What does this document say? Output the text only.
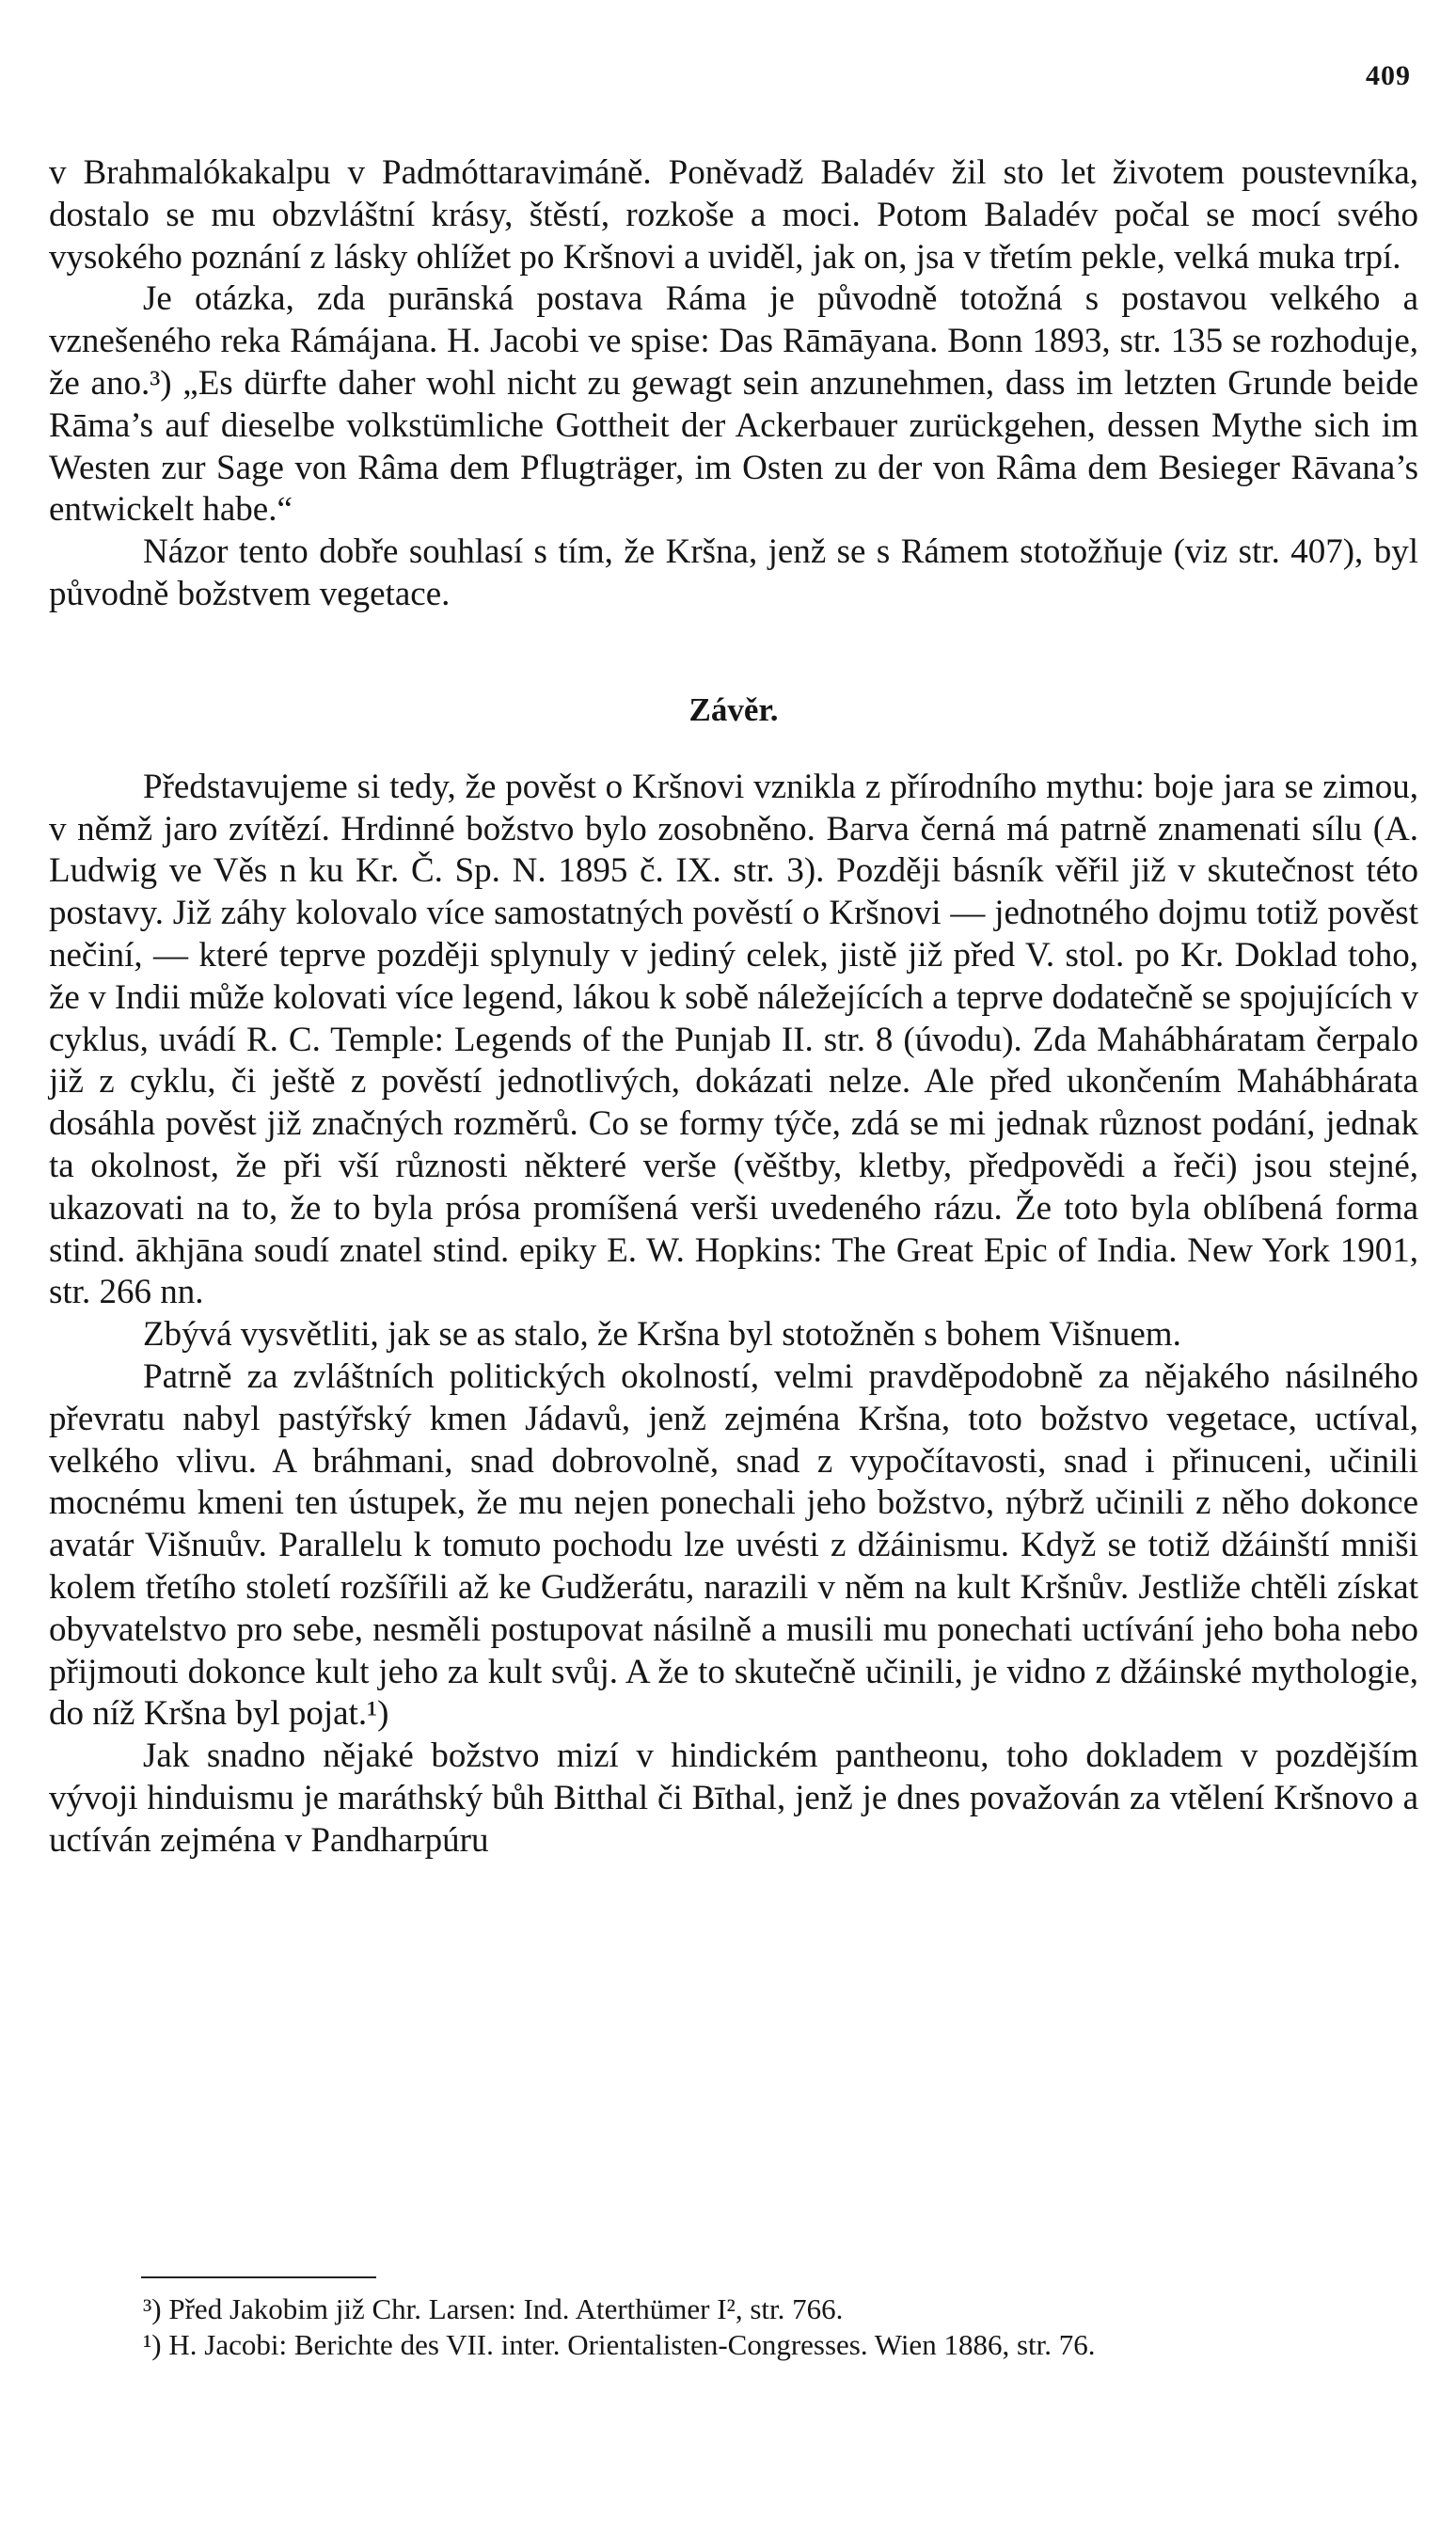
409

v Brahmalókakalpu v Padmóttaravimáně. Poněvadž Baladév žil sto let životem poustevníka, dostalo se mu obzvláštní krásy, štěstí, rozkoše a moci. Potom Baladév počal se mocí svého vysokého poznání z lásky ohlížet po Kršnovi a uviděl, jak on, jsa v třetím pekle, velká muka trpí.

Je otázka, zda purānská postava Ráma je původně totožná s postavou velkého a vznešeného reka Rámájana. H. Jacobi ve spise: Das Rāmāyana. Bonn 1893, str. 135 se rozhoduje, že ano.³) „Es dürfte daher wohl nicht zu gewagt sein anzunehmen, dass im letzten Grunde beide Rāma’s auf dieselbe volkstümliche Gottheit der Ackerbauer zurückgehen, dessen Mythe sich im Westen zur Sage von Râma dem Pflugträger, im Osten zu der von Râma dem Besieger Rāvana’s entwickelt habe.“

Názor tento dobře souhlasí s tím, že Kršna, jenž se s Rámem stotožňuje (viz str. 407), byl původně božstvem vegetace.

Závěr.

Představujeme si tedy, že pověst o Kršnovi vznikla z přírodního mythu: boje jara se zimou, v němž jaro zvítězí. Hrdinné božstvo bylo zosobněno. Barva černá má patrně znamenati sílu (A. Ludwig ve Věs n ku Kr. Č. Sp. N. 1895 č. IX. str. 3). Později básník věřil již v skutečnost této postavy. Již záhy kolovalo více samostatných pověstí o Kršnovi — jednotného dojmu totiž pověst nečiní, — které teprve později splynuly v jediný celek, jistě již před V. stol. po Kr. Doklad toho, že v Indii může kolovati více legend, lákou k sobě náležejících a teprve dodatečně se spojujících v cyklus, uvádí R. C. Temple: Legends of the Punjab II. str. 8 (úvodu). Zda Mahábháratam čerpalo již z cyklu, či ještě z pověstí jednotlivých, dokázati nelze. Ale před ukončením Mahábhárata dosáhla pověst již značných rozměrů. Co se formy týče, zdá se mi jednak různost podání, jednak ta okolnost, že při vší různosti některé verše (věštby, kletby, předpovědi a řeči) jsou stejné, ukazovati na to, že to byla prósa promíšená verši uvedeného rázu. Že toto byla oblíbená forma stind. ākhjāna soudí znatel stind. epiky E. W. Hopkins: The Great Epic of India. New York 1901, str. 266 nn.

Zbývá vysvětliti, jak se as stalo, že Kršna byl stotožněn s bohem Višnuem.

Patrně za zvláštních politických okolností, velmi pravděpodobně za nějakého násilného převratu nabyl pastýřský kmen Jádavů, jenž zejména Kršna, toto božstvo vegetace, uctíval, velkého vlivu. A bráhmani, snad dobrovolně, snad z vypočítavosti, snad i přinuceni, učinili mocnému kmeni ten ústupek, že mu nejen ponechali jeho božstvo, nýbrž učinili z něho dokonce avatár Višnuův. Parallelu k tomuto pochodu lze uvésti z džáinismu. Když se totiž džáinští mniši kolem třetího století rozšířili až ke Gudžerátu, narazili v něm na kult Kršnův. Jestliže chtěli získat obyvatelstvo pro sebe, nesměli postupovat násilně a musili mu ponechati uctívání jeho boha nebo přijmouti dokonce kult jeho za kult svůj. A že to skutečně učinili, je vidno z džáinské mythologie, do níž Kršna byl pojat.¹)

Jak snadno nějaké božstvo mizí v hindickém pantheonu, toho dokladem v pozdějším vývoji hinduismu je maráthský bůh Bitthal či Bīthal, jenž je dnes považován za vtělení Kršnovo a uctíván zejména v Pandharpúru

³) Před Jakobim již Chr. Larsen: Ind. Aterthümer I², str. 766.

¹) H. Jacobi: Berichte des VII. inter. Orientalisten-Congresses. Wien 1886, str. 76.
